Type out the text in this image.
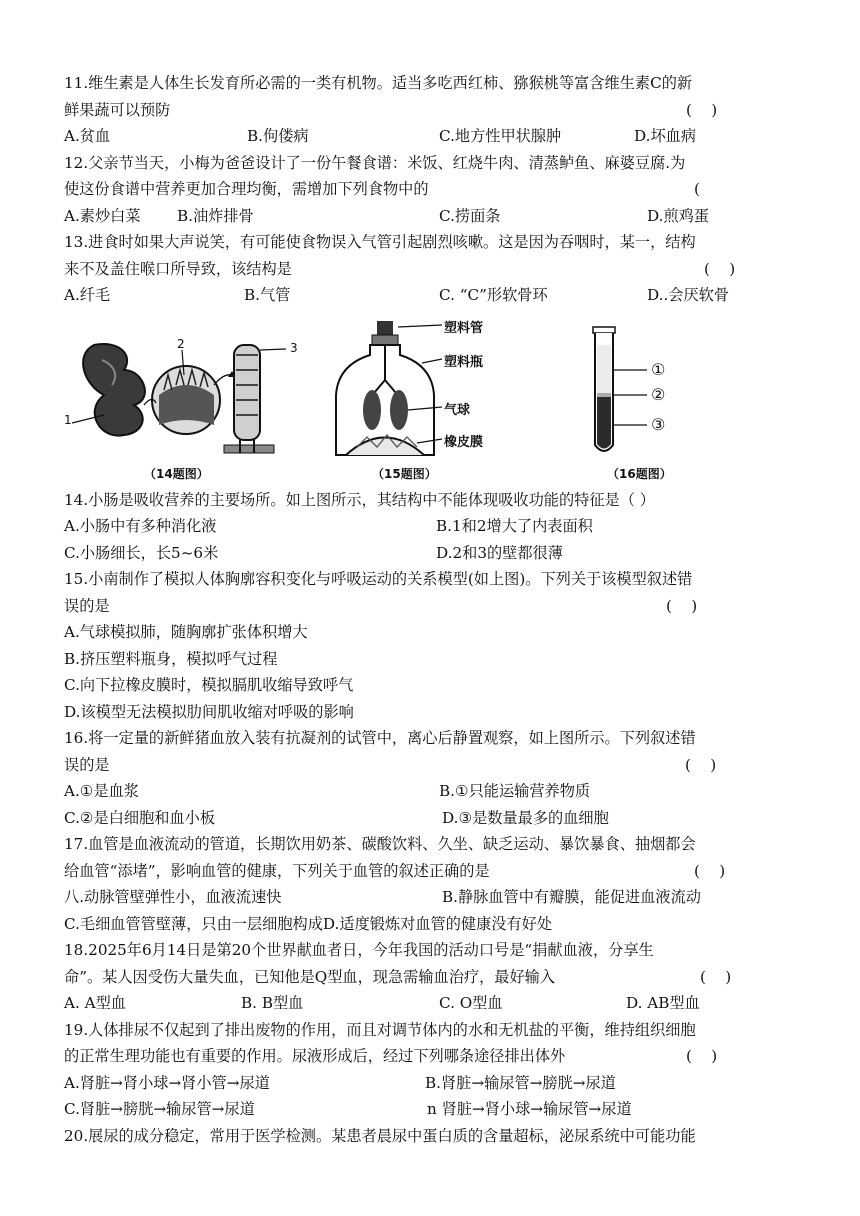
11.维生素是人体生长发育所必需的一类有机物。适当多吃西红柿、猕猴桃等富含维生素C的新
鲜果蔬可以预防	(    )
A.贫血	B.佝偻病	C.地方性甲状腺肿	D.坏血病
12.父亲节当天，小梅为爸爸设计了一份午餐食谱：米饭、红烧牛肉、清蒸鲈鱼、麻婆豆腐.为
使这份食谱中营养更加合理均衡，需增加下列食物中的	(
A.素炒白菜 B.油炸排骨	C.捞面条	D.煎鸡蛋
13.进食时如果大声说笑，有可能使食物误入气管引起剧烈咳嗽。这是因为吞咽时，某一，结构
来不及盖住喉口所导致，该结构是	(    )
A.纤毛	B.气管	C. “C”形软骨环	D..会厌软骨
1
2	3
（14题图）
塑料管
塑料瓶
气球
橡皮膜
（15题图）
①
②
③
（16题图）
14.小肠是吸收营养的主要场所。如上图所示，其结构中不能体现吸收功能的特征是（ ）
A.小肠中有多种消化液	B.1和2增大了内表面积
C.小肠细长，长5~6米	D.2和3的壁都很薄
15.小南制作了模拟人体胸廓容积变化与呼吸运动的关系模型(如上图)。下列关于该模型叙述错
误的是	(    )
A.气球模拟肺，随胸廓扩张体积增大
B.挤压塑料瓶身，模拟呼气过程
C.向下拉橡皮膜时，模拟膈肌收缩导致呼气
D.该模型无法模拟肋间肌收缩对呼吸的影响
16.将一定量的新鲜猪血放入装有抗凝剂的试管中，离心后静置观察，如上图所示。下列叙述错
误的是	(    )
A.①是血浆	B.①只能运输营养物质
C.②是白细胞和血小板	D.③是数量最多的血细胞
17.血管是血液流动的管道，长期饮用奶茶、碳酸饮料、久坐、缺乏运动、暴饮暴食、抽烟都会
给血管“添堵”，影响血管的健康，下列关于血管的叙述正确的是	(    )
八.动脉管壁弹性小，血液流速快	B.静脉血管中有瓣膜，能促进血液流动
C.毛细血管管壁薄，只由一层细胞构成D.适度锻炼对血管的健康没有好处
18.2025年6月14日是第20个世界献血者日，今年我国的活动口号是“捐献血液，分享生
命”。某人因受伤大量失血，已知他是Q型血，现急需输血治疗，最好输入	(    )
A. A型血	B. B型血	C. O型血	D. AB型血
19.人体排尿不仅起到了排出废物的作用，而且对调节体内的水和无机盐的平衡，维持组织细胞
的正常生理功能也有重要的作用。尿液形成后，经过下列哪条途径排出体外	(    )
A.肾脏→肾小球→肾小管→尿道	B.肾脏→输尿管→膀胱→尿道
C.肾脏→膀胱→输尿管→尿道	n 肾脏→肾小球→输尿管→尿道
20.展尿的成分稳定，常用于医学检测。某患者晨尿中蛋白质的含量超标，泌尿系统中可能功能
